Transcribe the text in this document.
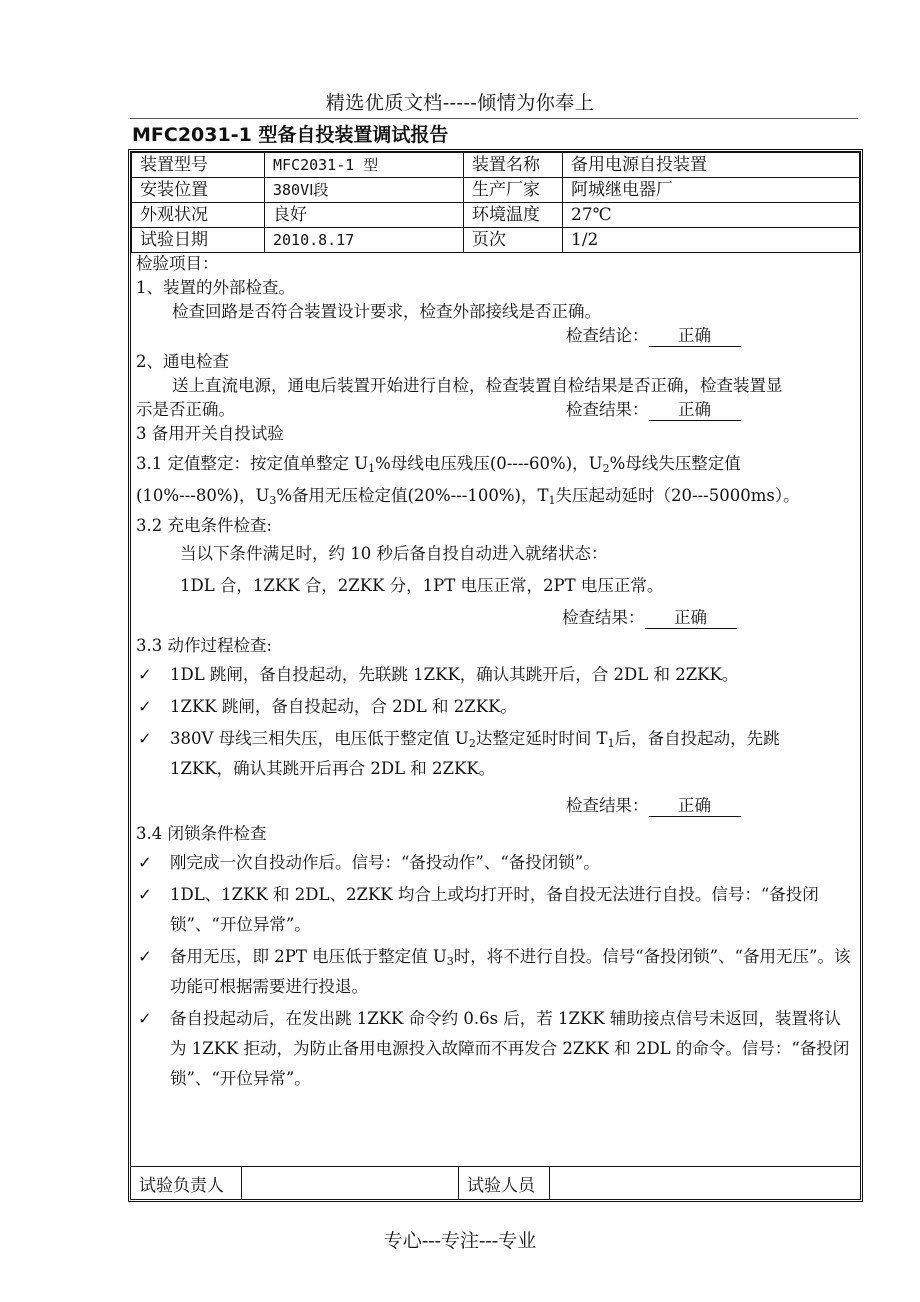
精选优质文档-----倾情为你奉上
MFC2031-1 型备自投装置调试报告
装置型号	MFC2031-1 型	装置名称	备用电源自投装置
安装位置	380VⅠ段	生产厂家	阿城继电器厂
外观状况	良好	环境温度	27℃
试验日期	2010.8.17	页次	1/2

检验项目：

1、装置的外部检查。

检查回路是否符合装置设计要求，检查外部接线是否正确。

检查结论： 正确

2、通电检查

送上直流电源，通电后装置开始进行自检，检查装置自检结果是否正确，检查装置显

示是否正确。	检查结果： 正确

3 备用开关自投试验

3.1 定值整定：按定值单整定 $U_1\%$母线电压残压(0----60%)，$U_2\%$母线失压整定值

(10%---80%)，$U_3\%$备用无压检定值(20%---100%)，$T_1$失压起动延时（20---5000ms）。

3.2 充电条件检查:

当以下条件满足时，约 10 秒后备自投自动进入就绪状态：

1DL 合，1ZKK 合，2ZKK 分，1PT 电压正常，2PT 电压正常。

检查结果： 正确

3.3 动作过程检查:

✓ 1DL 跳闸，备自投起动，先联跳 1ZKK，确认其跳开后，合 2DL 和 2ZKK。
✓ 1ZKK 跳闸，备自投起动，合 2DL 和 2ZKK。
✓ 380V 母线三相失压，电压低于整定值 $U_2$达整定延时时间 $T_1$后，备自投起动，先跳
1ZKK，确认其跳开后再合 2DL 和 2ZKK。

检查结果： 正确

3.4 闭锁条件检查

✓ 刚完成一次自投动作后。信号：“备投动作”、“备投闭锁”。
✓ 1DL、1ZKK 和 2DL、2ZKK 均合上或均打开时，备自投无法进行自投。信号：“备投闭锁”、“开位异常”。
✓ 备用无压，即 2PT 电压低于整定值 $U_3$时，将不进行自投。信号“备投闭锁”、“备用无压”。该功能可根据需要进行投退。
✓ 备自投起动后，在发出跳 1ZKK 命令约 0.6s 后，若 1ZKK 辅助接点信号未返回，装置将认为 1ZKK 拒动，为防止备用电源投入故障而不再发合 2ZKK 和 2DL 的命令。信号：“备投闭锁”、“开位异常”。
试验负责人		试验人员	
专心---专注---专业
